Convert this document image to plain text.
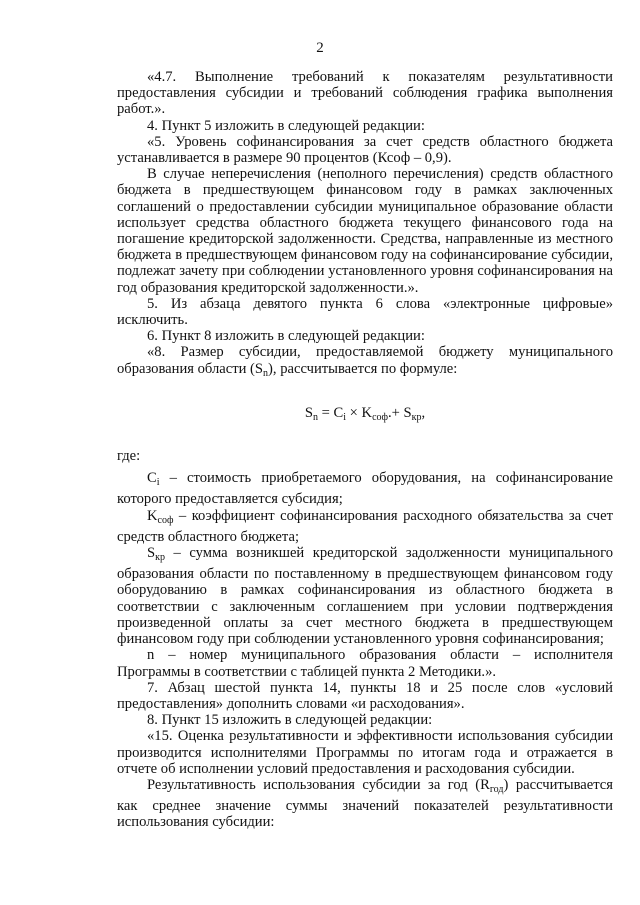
2

«4.7. Выполнение требований к показателям результативности предоставления субсидии и требований соблюдения графика выполнения работ.».

4. Пункт 5 изложить в следующей редакции:

«5. Уровень софинансирования за счет средств областного бюджета устанавливается в размере 90 процентов (Ксоф – 0,9).

В случае неперечисления (неполного перечисления) средств областного бюджета в предшествующем финансовом году в рамках заключенных соглашений о предоставлении субсидии муниципальное образование области использует средства областного бюджета текущего финансового года на погашение кредиторской задолженности. Средства, направленные из местного бюджета в предшествующем финансовом году на софинансирование субсидии, подлежат зачету при соблюдении установленного уровня софинансирования на год образования кредиторской задолженности.».

5. Из абзаца девятого пункта 6 слова «электронные цифровые» исключить.

6. Пункт 8 изложить в следующей редакции:

«8. Размер субсидии, предоставляемой бюджету муниципального образования области $(S_n)$, рассчитывается по формуле:

$S_n = C_i \times K_{соф}.+ S_{кр}$,

где:

$C_i$ – стоимость приобретаемого оборудования, на софинансирование которого предоставляется субсидия;

$K_{соф}$ – коэффициент софинансирования расходного обязательства за счет средств областного бюджета;

$S_{кр}$ – сумма возникшей кредиторской задолженности муниципального образования области по поставленному в предшествующем финансовом году оборудованию в рамках софинансирования из областного бюджета в соответствии с заключенным соглашением при условии подтверждения произведенной оплаты за счет местного бюджета в предшествующем финансовом году при соблюдении установленного уровня софинансирования;

n – номер муниципального образования области – исполнителя Программы в соответствии с таблицей пункта 2 Методики.».

7. Абзац шестой пункта 14, пункты 18 и 25 после слов «условий предоставления» дополнить словами «и расходования».

8. Пункт 15 изложить в следующей редакции:

«15. Оценка результативности и эффективности использования субсидии производится исполнителями Программы по итогам года и отражается в отчете об исполнении условий предоставления и расходования субсидии.

Результативность использования субсидии за год $(R_{год})$ рассчитывается как среднее значение суммы значений показателей результативности использования субсидии:
